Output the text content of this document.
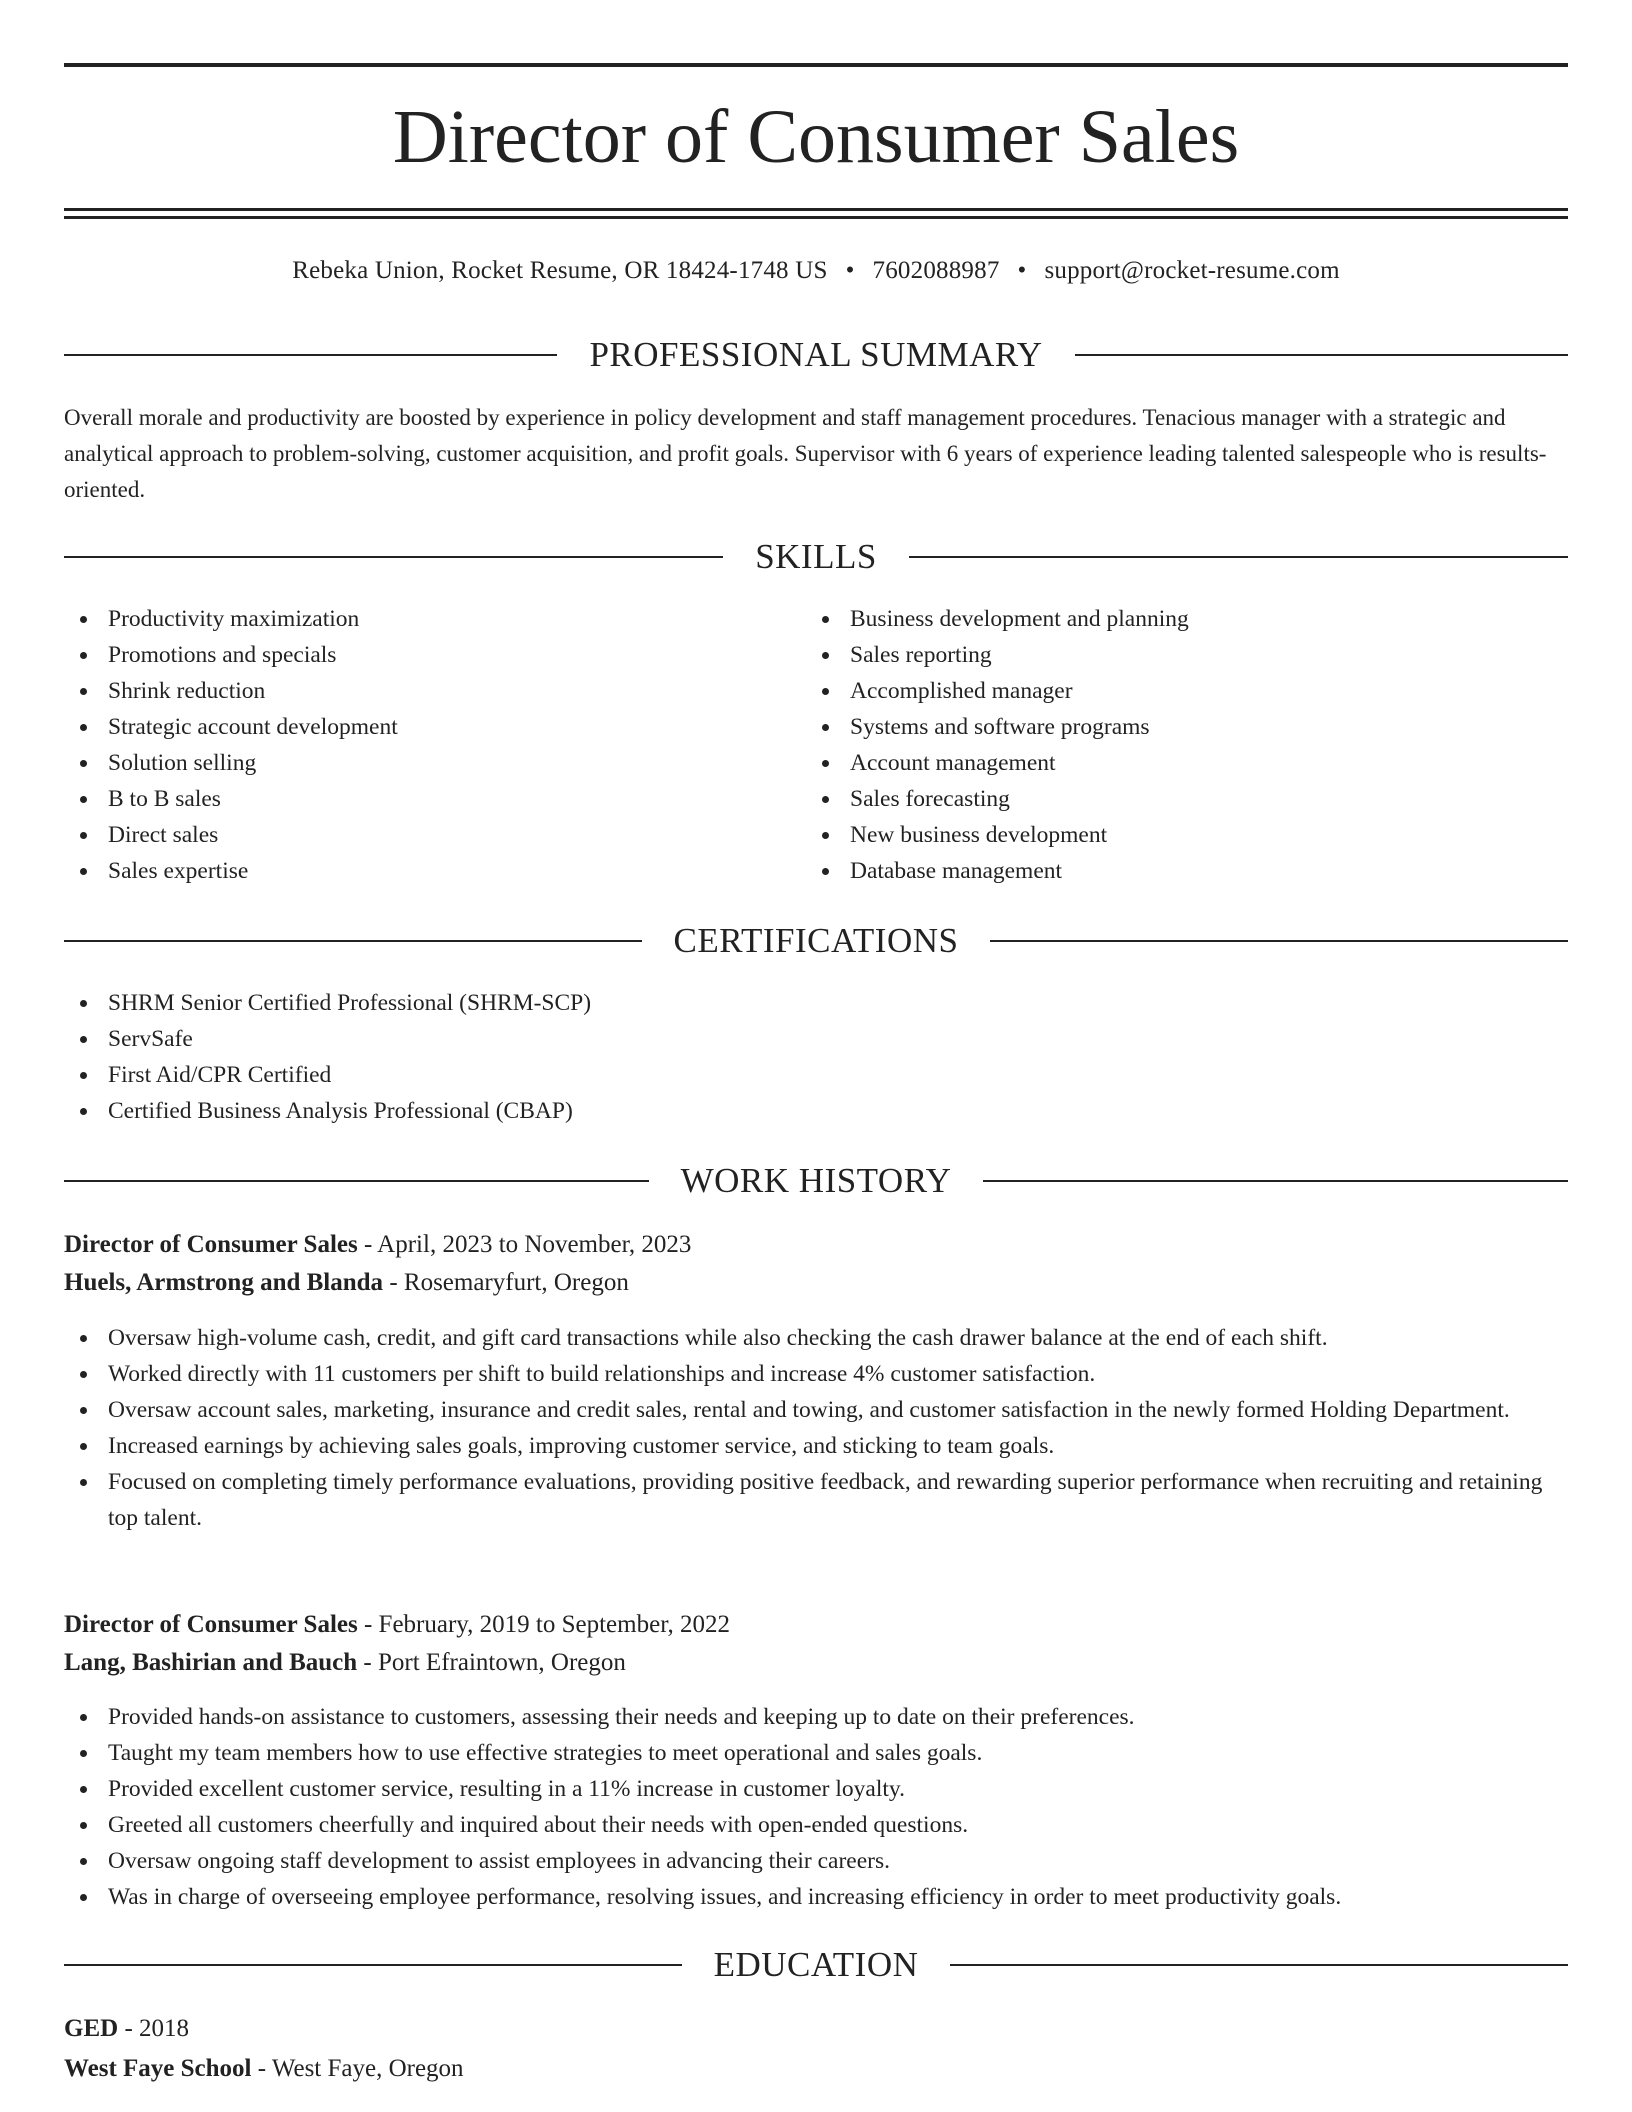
Director of Consumer Sales
Rebeka Union, Rocket Resume, OR 18424-1748 US • 7602088987 • support@rocket-resume.com
PROFESSIONAL SUMMARY

Overall morale and productivity are boosted by experience in policy development and staff management procedures. Tenacious manager with a strategic and analytical approach to problem-solving, customer acquisition, and profit goals. Supervisor with 6 years of experience leading talented salespeople who is results-oriented.

SKILLS
Productivity maximization
Promotions and specials
Shrink reduction
Strategic account development
Solution selling
B to B sales
Direct sales
Sales expertise
Business development and planning
Sales reporting
Accomplished manager
Systems and software programs
Account management
Sales forecasting
New business development
Database management
CERTIFICATIONS
SHRM Senior Certified Professional (SHRM-SCP)
ServSafe
First Aid/CPR Certified
Certified Business Analysis Professional (CBAP)
WORK HISTORY
Director of Consumer Sales - April, 2023 to November, 2023
Huels, Armstrong and Blanda - Rosemaryfurt, Oregon
Oversaw high-volume cash, credit, and gift card transactions while also checking the cash drawer balance at the end of each shift.
Worked directly with 11 customers per shift to build relationships and increase 4% customer satisfaction.
Oversaw account sales, marketing, insurance and credit sales, rental and towing, and customer satisfaction in the newly formed Holding Department.
Increased earnings by achieving sales goals, improving customer service, and sticking to team goals.
Focused on completing timely performance evaluations, providing positive feedback, and rewarding superior performance when recruiting and retaining top talent.
Director of Consumer Sales - February, 2019 to September, 2022
Lang, Bashirian and Bauch - Port Efraintown, Oregon
Provided hands-on assistance to customers, assessing their needs and keeping up to date on their preferences.
Taught my team members how to use effective strategies to meet operational and sales goals.
Provided excellent customer service, resulting in a 11% increase in customer loyalty.
Greeted all customers cheerfully and inquired about their needs with open-ended questions.
Oversaw ongoing staff development to assist employees in advancing their careers.
Was in charge of overseeing employee performance, resolving issues, and increasing efficiency in order to meet productivity goals.
EDUCATION
GED - 2018
West Faye School - West Faye, Oregon
